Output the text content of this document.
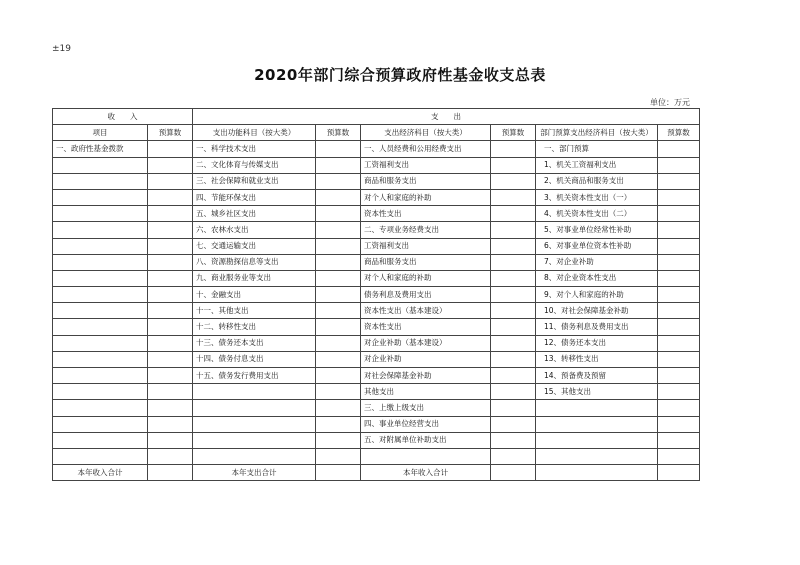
±19
2020年部门综合预算政府性基金收支总表
单位：万元
收　　入		支　　出					
项目	预算数	支出功能科目（按大类）	预算数	支出经济科目（按大类）	预算数	部门预算支出经济科目（按大类）	预算数
一、政府性基金拨款		一、科学技术支出		一、人员经费和公用经费支出		一、部门预算	
		二、文化体育与传媒支出		工资福利支出		1、机关工资福利支出	
		三、社会保障和就业支出		商品和服务支出		2、机关商品和服务支出	
		四、节能环保支出		对个人和家庭的补助		3、机关资本性支出（一）	
		五、城乡社区支出		资本性支出		4、机关资本性支出（二）	
		六、农林水支出		二、专项业务经费支出		5、对事业单位经常性补助	
		七、交通运输支出		工资福利支出		6、对事业单位资本性补助	
		八、资源勘探信息等支出		商品和服务支出		7、对企业补助	
		九、商业服务业等支出		对个人和家庭的补助		8、对企业资本性支出	
		十、金融支出		债务利息及费用支出		9、对个人和家庭的补助	
		十一、其他支出		资本性支出（基本建设）		10、对社会保障基金补助	
		十二、转移性支出		资本性支出		11、债务利息及费用支出	
		十三、债务还本支出		对企业补助（基本建设）		12、债务还本支出	
		十四、债务付息支出		对企业补助		13、转移性支出	
		十五、债务发行费用支出		对社会保障基金补助		14、预备费及预留	
				其他支出		15、其他支出	
				三、上缴上级支出			
				四、事业单位经营支出			
				五、对附属单位补助支出			

本年收入合计		本年支出合计		本年收入合计			
